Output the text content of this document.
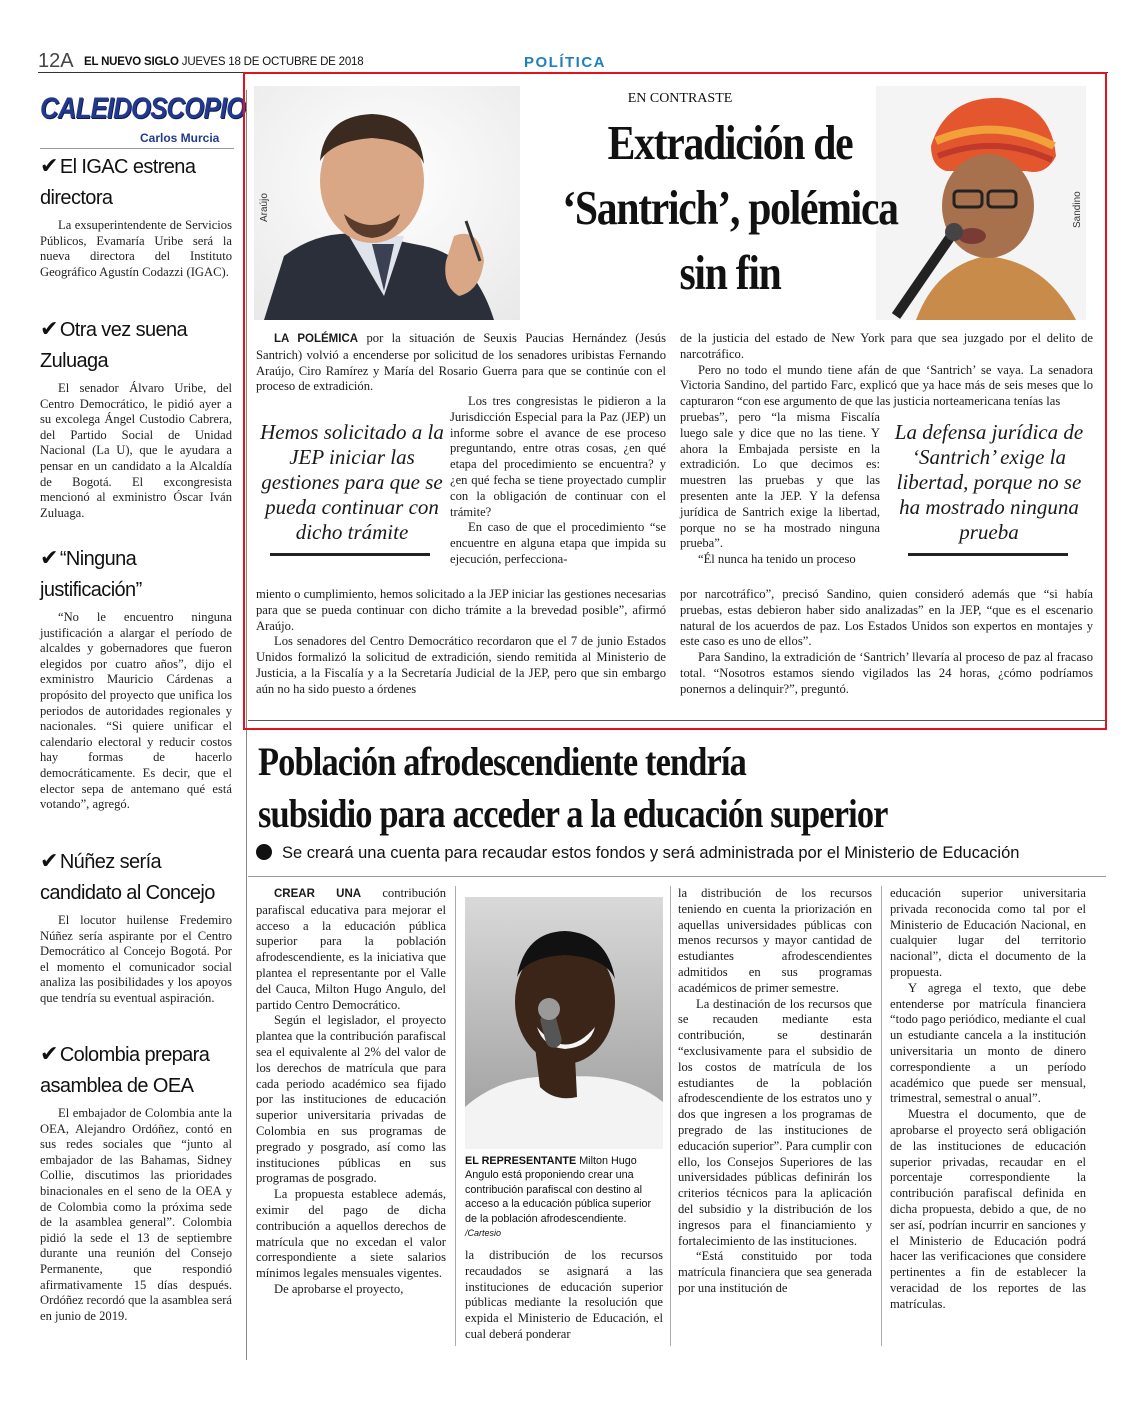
12A EL NUEVO SIGLO JUEVES 18 DE OCTUBRE DE 2018	POLÍTICA
CALEIDOSCOPIO
Carlos Murcia
✔ El IGAC estrena
directora
La exsuperintendente de Servicios Públicos, Evamaría Uribe será la nueva directora del Instituto Geográfico Agustín Codazzi (IGAC).
✔ Otra vez suena
Zuluaga
El senador Álvaro Uribe, del Centro Democrático, le pidió ayer a su excolega Ángel Custodio Cabrera, del Partido Social de Unidad Nacional (La U), que le ayudara a pensar en un candidato a la Alcaldía de Bogotá. El excongresista mencionó al exministro Óscar Iván Zuluaga.
✔ “Ninguna
justificación”
“No le encuentro ninguna justificación a alargar el período de alcaldes y gobernadores que fueron elegidos por cuatro años”, dijo el exministro Mauricio Cárdenas a propósito del proyecto que unifica los periodos de autoridades regionales y nacionales. “Si quiere unificar el calendario electoral y reducir costos hay formas de hacerlo democráticamente. Es decir, que el elector sepa de antemano qué está votando”, agregó.
✔ Núñez sería
candidato al Concejo
El locutor huilense Fredemiro Núñez sería aspirante por el Centro Democrático al Concejo Bogotá. Por el momento el comunicador social analiza las posibilidades y los apoyos que tendría su eventual aspiración.
✔ Colombia prepara
asamblea de OEA
El embajador de Colombia ante la OEA, Alejandro Ordóñez, contó en sus redes sociales que “junto al embajador de las Bahamas, Sidney Collie, discutimos las prioridades binacionales en el seno de la OEA y de Colombia como la próxima sede de la asamblea general”. Colombia pidió la sede el 13 de septiembre durante una reunión del Consejo Permanente, que respondió afirmativamente 15 días después. Ordóñez recordó que la asamblea será en junio de 2019.
Araújo	Sandino
EN CONTRASTE
Extradición de
‘Santrich’, polémica
sin fin

LA POLÉMICA por la situación de Seuxis Paucias Hernández (Jesús Santrich) volvió a encenderse por solicitud de los senadores uribistas Fernando Araújo, Ciro Ramírez y María del Rosario Guerra para que se continúe con el proceso de extradición.

Hemos solicitado a la JEP iniciar las gestiones para que se pueda continuar con dicho trámite

Los tres congresistas le pidieron a la Jurisdicción Especial para la Paz (JEP) un informe sobre el avance de ese proceso preguntando, entre otras cosas, ¿en qué etapa del procedimiento se encuentra? y ¿en qué fecha se tiene proyectado cumplir con la obligación de continuar con el trámite?

En caso de que el procedimiento “se encuentre en alguna etapa que impida su ejecución, perfecciona-

miento o cumplimiento, hemos solicitado a la JEP iniciar las gestiones necesarias para que se pueda continuar con dicho trámite a la brevedad posible”, afirmó Araújo.

Los senadores del Centro Democrático recordaron que el 7 de junio Estados Unidos formalizó la solicitud de extradición, siendo remitida al Ministerio de Justicia, a la Fiscalía y a la Secretaría Judicial de la JEP, pero que sin embargo aún no ha sido puesto a órdenes

de la justicia del estado de New York para que sea juzgado por el delito de narcotráfico.

Pero no todo el mundo tiene afán de que ‘Santrich’ se vaya. La senadora Victoria Sandino, del partido Farc, explicó que ya hace más de seis meses que lo capturaron “con ese argumento de que las justicia norteamericana tenías las

pruebas”, pero “la misma Fiscalía luego sale y dice que no las tiene. Y ahora la Embajada persiste en la extradición. Lo que decimos es: muestren las pruebas y que las presenten ante la JEP. Y la defensa jurídica de Santrich exige la libertad, porque no se ha mostrado ninguna prueba”.

“Él nunca ha tenido un proceso

La defensa jurídica de ‘Santrich’ exige la libertad, porque no se ha mostrado ninguna prueba

por narcotráfico”, precisó Sandino, quien consideró además que “si había pruebas, estas debieron haber sido analizadas” en la JEP, “que es el escenario natural de los acuerdos de paz. Los Estados Unidos son expertos en montajes y este caso es uno de ellos”.

Para Sandino, la extradición de ‘Santrich’ llevaría al proceso de paz al fracaso total. “Nosotros estamos siendo vigilados las 24 horas, ¿cómo podríamos ponernos a delinquir?”, preguntó.

Población afrodescendiente tendría
subsidio para acceder a la educación superior
Se creará una cuenta para recaudar estos fondos y será administrada por el Ministerio de Educación

CREAR UNA contribución parafiscal educativa para mejorar el acceso a la educación pública superior para la población afrodescendiente, es la iniciativa que plantea el representante por el Valle del Cauca, Milton Hugo Angulo, del partido Centro Democrático.

Según el legislador, el proyecto plantea que la contribución parafiscal sea el equivalente al 2% del valor de los derechos de matrícula que para cada periodo académico sea fijado por las instituciones de educación superior universitaria privadas de Colombia en sus programas de pregrado y posgrado, así como las instituciones públicas en sus programas de posgrado.

La propuesta establece además, eximir del pago de dicha contribución a aquellos derechos de matrícula que no excedan el valor correspondiente a siete salarios mínimos legales mensuales vigentes.

De aprobarse el proyecto,

EL REPRESENTANTE Milton Hugo Angulo está proponiendo crear una contribución parafiscal con destino al acceso a la educación pública superior de la población afrodescendiente. /Cartesio

la distribución de los recursos recaudados se asignará a las instituciones de educación superior públicas mediante la resolución que expida el Ministerio de Educación, el cual deberá ponderar

la distribución de los recursos teniendo en cuenta la priorización en aquellas universidades públicas con menos recursos y mayor cantidad de estudiantes afrodescendientes admitidos en sus programas académicos de primer semestre.

La destinación de los recursos que se recauden mediante esta contribución, se destinarán “exclusivamente para el subsidio de los costos de matrícula de los estudiantes de la población afrodescendiente de los estratos uno y dos que ingresen a los programas de pregrado de las instituciones de educación superior”. Para cumplir con ello, los Consejos Superiores de las universidades públicas definirán los criterios técnicos para la aplicación del subsidio y la distribución de los ingresos para el financiamiento y fortalecimiento de las instituciones.

“Está constituido por toda matrícula financiera que sea generada por una institución de

educación superior universitaria privada reconocida como tal por el Ministerio de Educación Nacional, en cualquier lugar del territorio nacional”, dicta el documento de la propuesta.

Y agrega el texto, que debe entenderse por matrícula financiera “todo pago periódico, mediante el cual un estudiante cancela a la institución universitaria un monto de dinero correspondiente a un período académico que puede ser mensual, trimestral, semestral o anual”.

Muestra el documento, que de aprobarse el proyecto será obligación de las instituciones de educación superior privadas, recaudar en el porcentaje correspondiente la contribución parafiscal definida en dicha propuesta, debido a que, de no ser así, podrían incurrir en sanciones y el Ministerio de Educación podrá hacer las verificaciones que considere pertinentes a fin de establecer la veracidad de los reportes de las matrículas.
